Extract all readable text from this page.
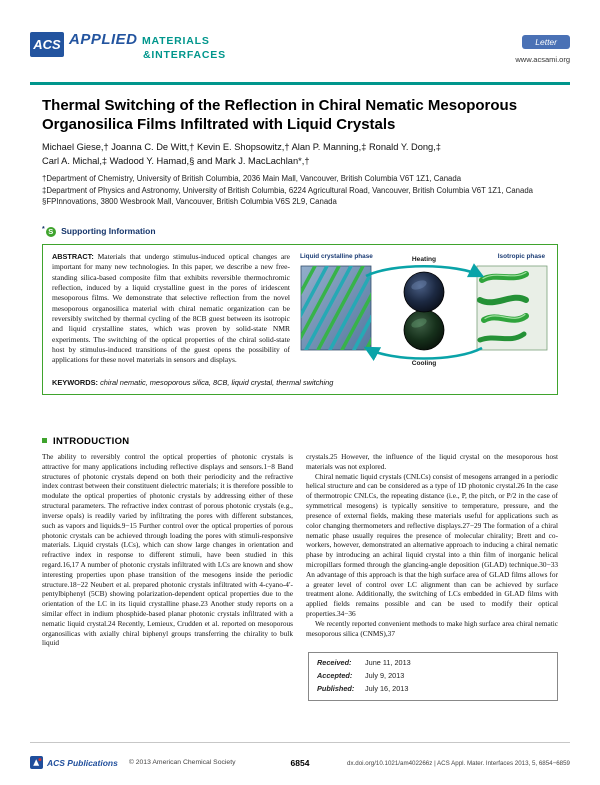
ACS APPLIED MATERIALS
&INTERFACES
Letter
www.acsami.org
Thermal Switching of the Reflection in Chiral Nematic Mesoporous Organosilica Films Infiltrated with Liquid Crystals
Michael Giese,† Joanna C. De Witt,† Kevin E. Shopsowitz,† Alan P. Manning,‡ Ronald Y. Dong,‡
Carl A. Michal,‡ Wadood Y. Hamad,§ and Mark J. MacLachlan*,†
†Department of Chemistry, University of British Columbia, 2036 Main Mall, Vancouver, British Columbia V6T 1Z1, Canada
‡Department of Physics and Astronomy, University of British Columbia, 6224 Agricultural Road, Vancouver, British Columbia V6T 1Z1, Canada
§FPInnovations, 3800 Wesbrook Mall, Vancouver, British Columbia V6S 2L9, Canada
* S Supporting Information
Liquid crystalline phase	Isotropic phase
Heating
Cooling

ABSTRACT: Materials that undergo stimulus-induced optical changes are important for many new technologies. In this paper, we describe a new free-standing silica-based composite film that exhibits reversible thermochromic reflection, induced by a liquid crystalline guest in the pores of iridescent mesoporous films. We demonstrate that selective reflection from the novel mesoporous organosilica material with chiral nematic organization can be reversibly switched by thermal cycling of the 8CB guest between its isotropic and liquid crystalline states, which was proven by solid-state NMR experiments. The switching of the optical properties of the chiral solid-state host by stimulus-induced transitions of the guest opens the possibility of applications for these novel materials in sensors and displays.

KEYWORDS: chiral nematic, mesoporous silica, 8CB, liquid crystal, thermal switching
INTRODUCTION

The ability to reversibly control the optical properties of photonic crystals is attractive for many applications including reflective displays and sensors.1−8 Band structures of photonic crystals depend on both their periodicity and the refractive index contrast between their constituent dielectric materials; it is therefore possible to modulate the optical properties of photonic crystals by addressing either of these structural parameters. The refractive index contrast of porous photonic crystals (e.g., inverse opals) is readily varied by infiltrating the pores with different substances, such as vapors and liquids.9−15 Further control over the optical properties of porous photonic crystals can be achieved through loading the pores with stimuli-responsive materials. Liquid crystals (LCs), which can show large changes in orientation and refractive index in response to different stimuli, have been studied in this regard.16,17 A number of photonic crystals infiltrated with LCs are known and show interesting properties upon phase transition of the mesogens inside the periodic structure.18−22 Neubert et al. prepared photonic crystals infiltrated with 4-cyano-4′-pentylbiphenyl (5CB) showing polarization-dependent optical properties due to the orientation of the LC in its liquid crystalline phase.23 Another study reports on a similar effect in indium phosphide-based planar photonic crystals infiltrated with a nematic liquid crystal.24 Recently, Lemieux, Crudden et al. reported on mesoporous organosilicas with axially chiral biphenyl groups transferring the chirality to bulk liquid

crystals.25 However, the influence of the liquid crystal on the mesoporous host materials was not explored.

Chiral nematic liquid crystals (CNLCs) consist of mesogens arranged in a periodic helical structure and can be considered as a type of 1D photonic crystal.26 In the case of thermotropic CNLCs, the repeating distance (i.e., P, the pitch, or P/2 in the case of symmetrical mesogens) is typically sensitive to temperature, pressure, and the presence of external fields, making these materials useful for applications such as color changing thermometers and reflective displays.27−29 The formation of a chiral nematic phase usually requires the presence of molecular chirality; Brett and co-workers, however, demonstrated an alternative approach to inducing a chiral nematic phase by introducing an achiral liquid crystal into a thin film of inorganic helical micropillars formed through the glancing-angle deposition (GLAD) technique.30−33 An advantage of this approach is that the high surface area of GLAD films allows for a greater level of control over LC alignment than can be achieved by surface treatment alone. Additionally, the switching of LCs embedded in GLAD films with applied fields remains possible and can be used to modify their optical properties.34−36

We recently reported convenient methods to make high surface area chiral nematic mesoporous silica (CNMS),37

Received: June 11, 2013
Accepted: July 9, 2013
Published: July 16, 2013
ACS Publications © 2013 American Chemical Society	6854	dx.doi.org/10.1021/am402266z | ACS Appl. Mater. Interfaces 2013, 5, 6854−6859
